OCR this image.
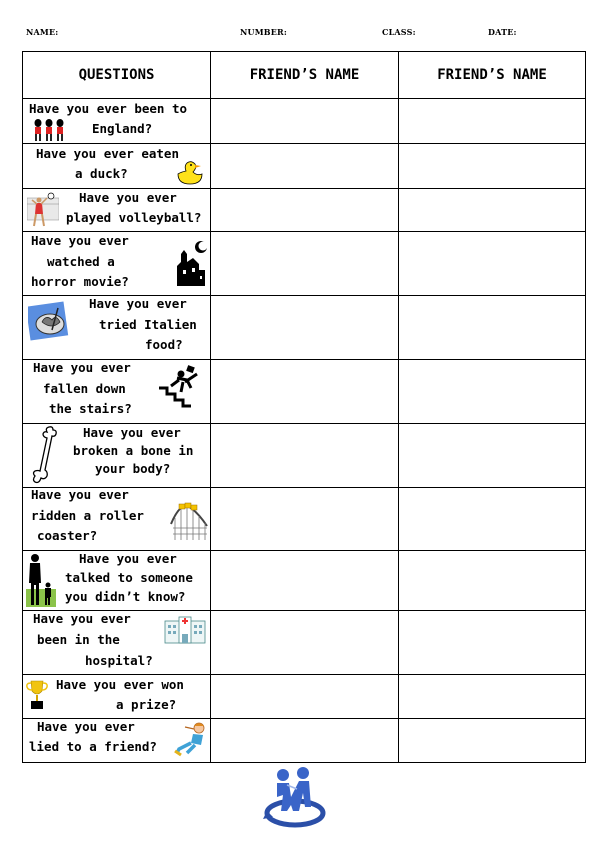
NAME:	NUMBER:	CLASS:	DATE:
QUESTIONS	FRIEND’S NAME	FRIEND’S NAME

Have you ever been to
England?		

Have you ever eaten
a duck?		

Have you ever
played volleyball?		

Have you ever
watched a
horror movie?		

Have you ever
tried Italien
food?		

Have you ever
fallen down
the stairs?		

Have you ever
broken a bone in
your body?		

Have you ever
ridden a roller
coaster?		

Have you ever
talked to someone
you didn’t know?		

Have you ever
been in the
hospital?		

Have you ever won
a prize?		

Have you ever
lied to a friend?		
